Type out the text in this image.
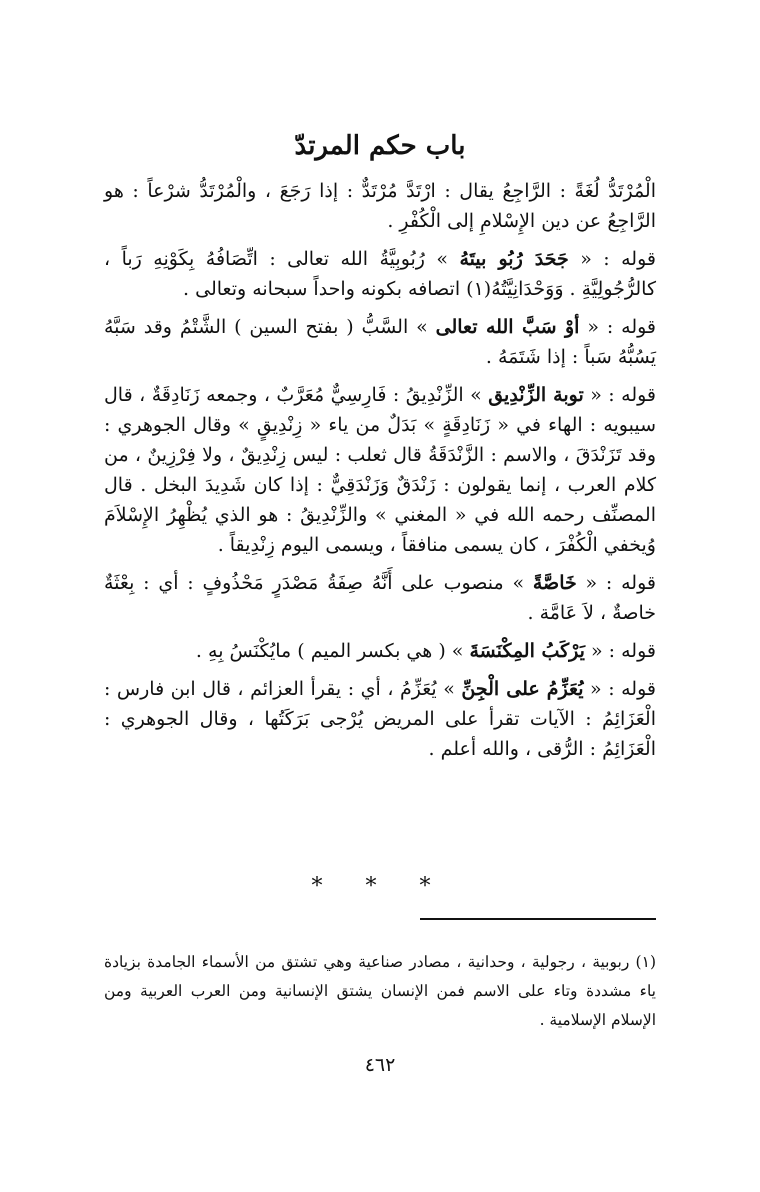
باب حكم المرتدّ

الْمُرْتَدُّ لُغَةً : الرَّاجِعُ يقال : ارْتَدَّ مُرْتَدٌّ : إذا رَجَعَ ، والْمُرْتَدُّ شرْعاً : هو الرَّاجِعُ عن دين الإِسْلامِ إلى الْكُفْرِ .

قوله : « جَحَدَ رُبُو بيتَهُ » رُبُوبِيَّةُ الله تعالى : اتِّصَافُهُ بِكَوْنِهِ رَباً ، كالرُّجُولِيَّةِ . وَوَحْدَانِيَّتُهُ(١) اتصافه بكونه واحداً سبحانه وتعالى .

قوله : « أوْ سَبَّ الله تعالى » السَّبُّ ( بفتح السين ) الشَّتْمُ وقد سَبَّهُ يَسُبُّهُ سَباً : إذا شَتَمَهُ .

قوله : « توبة الزِّنْدِيق » الزِّنْدِيقُ : فَارِسِيٌّ مُعَرَّبٌ ، وجمعه زَنَادِقَةٌ ، قال سيبويه : الهاء في « زَنَادِقَةٍ » بَدَلٌ من ياء « زِنْدِيقٍ » وقال الجوهري : وقد تَزَنْدَقَ ، والاسم : الزَّنْدَقَةُ قال ثعلب : ليس زِنْدِيقٌ ، ولا فِرْزِينٌ ، من كلام العرب ، إنما يقولون : زَنْدَقٌ وَزَنْدَقِيٌّ : إذا كان شَدِيدَ البخل . قال المصنِّف رحمه الله في « المغني » والزِّنْدِيقُ : هو الذي يُظْهِرُ الإِسْلاَمَ وُيخفي الْكُفْرَ ، كان يسمى منافقاً ، ويسمى اليوم زِنْدِيقاً .

قوله : « خَاصَّةً » منصوب على أَنَّهُ صِفَةُ مَصْدَرٍ مَحْذُوفٍ : أي : بِعْثَةٌ خاصةٌ ، لاَ عَامَّة .

قوله : « يَرْكَبُ المِكْنَسَةَ » ( هي بكسر الميم ) مايُكْنَسُ بِهِ .

قوله : « يُعَزِّمُ على الْجِنِّ » يُعَزِّمُ ، أي : يقرأ العزائم ، قال ابن فارس : الْعَزَائِمُ : الآيات تقرأ على المريض يُرْجى بَرَكَتُها ، وقال الجوهري : الْعَزَائِمُ : الرُّقى ، والله أعلم .

* * *
(١) ربوبية ، رجولية ، وحدانية ، مصادر صناعية وهي تشتق من الأسماء الجامدة بزيادة ياء مشددة وتاء على الاسم فمن الإنسان يشتق الإنسانية ومن العرب العربية ومن الإسلام الإسلامية .
٤٦٢
